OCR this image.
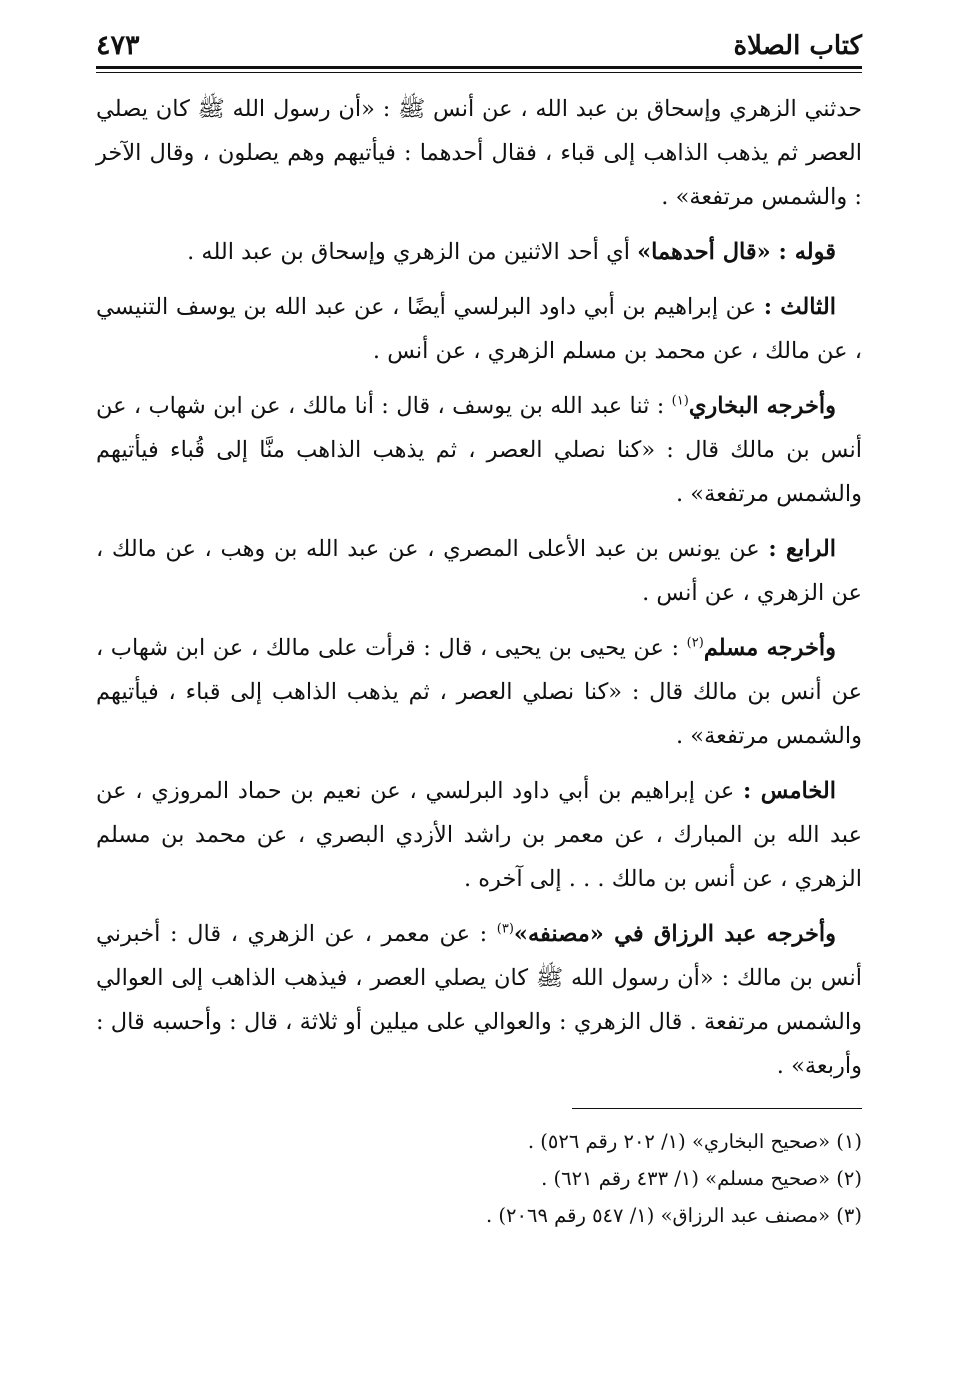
كتاب الصلاة
٤٧٣

حدثني الزهري وإسحاق بن عبد الله ، عن أنس ﷺ : «أن رسول الله ﷺ كان يصلي العصر ثم يذهب الذاهب إلى قباء ، فقال أحدهما : فيأتيهم وهم يصلون ، وقال الآخر : والشمس مرتفعة» .

قوله : «قال أحدهما» أي أحد الاثنين من الزهري وإسحاق بن عبد الله .

الثالث : عن إبراهيم بن أبي داود البرلسي أيضًا ، عن عبد الله بن يوسف التنيسي ، عن مالك ، عن محمد بن مسلم الزهري ، عن أنس .

وأخرجه البخاري$^{(١)}$ : ثنا عبد الله بن يوسف ، قال : أنا مالك ، عن ابن شهاب ، عن أنس بن مالك قال : «كنا نصلي العصر ، ثم يذهب الذاهب منَّا إلى قُباء فيأتيهم والشمس مرتفعة» .

الرابع : عن يونس بن عبد الأعلى المصري ، عن عبد الله بن وهب ، عن مالك ، عن الزهري ، عن أنس .

وأخرجه مسلم$^{(٢)}$ : عن يحيى بن يحيى ، قال : قرأت على مالك ، عن ابن شهاب ، عن أنس بن مالك قال : «كنا نصلي العصر ، ثم يذهب الذاهب إلى قباء ، فيأتيهم والشمس مرتفعة» .

الخامس : عن إبراهيم بن أبي داود البرلسي ، عن نعيم بن حماد المروزي ، عن عبد الله بن المبارك ، عن معمر بن راشد الأزدي البصري ، عن محمد بن مسلم الزهري ، عن أنس بن مالك . . . إلى آخره .

وأخرجه عبد الرزاق في «مصنفه»$^{(٣)}$ : عن معمر ، عن الزهري ، قال : أخبرني أنس بن مالك : «أن رسول الله ﷺ كان يصلي العصر ، فيذهب الذاهب إلى العوالي والشمس مرتفعة . قال الزهري : والعوالي على ميلين أو ثلاثة ، قال : وأحسبه قال : وأربعة» .

(١) «صحيح البخاري» (١/ ٢٠٢ رقم ٥٢٦) .

(٢) «صحيح مسلم» (١/ ٤٣٣ رقم ٦٢١) .

(٣) «مصنف عبد الرزاق» (١/ ٥٤٧ رقم ٢٠٦٩) .
